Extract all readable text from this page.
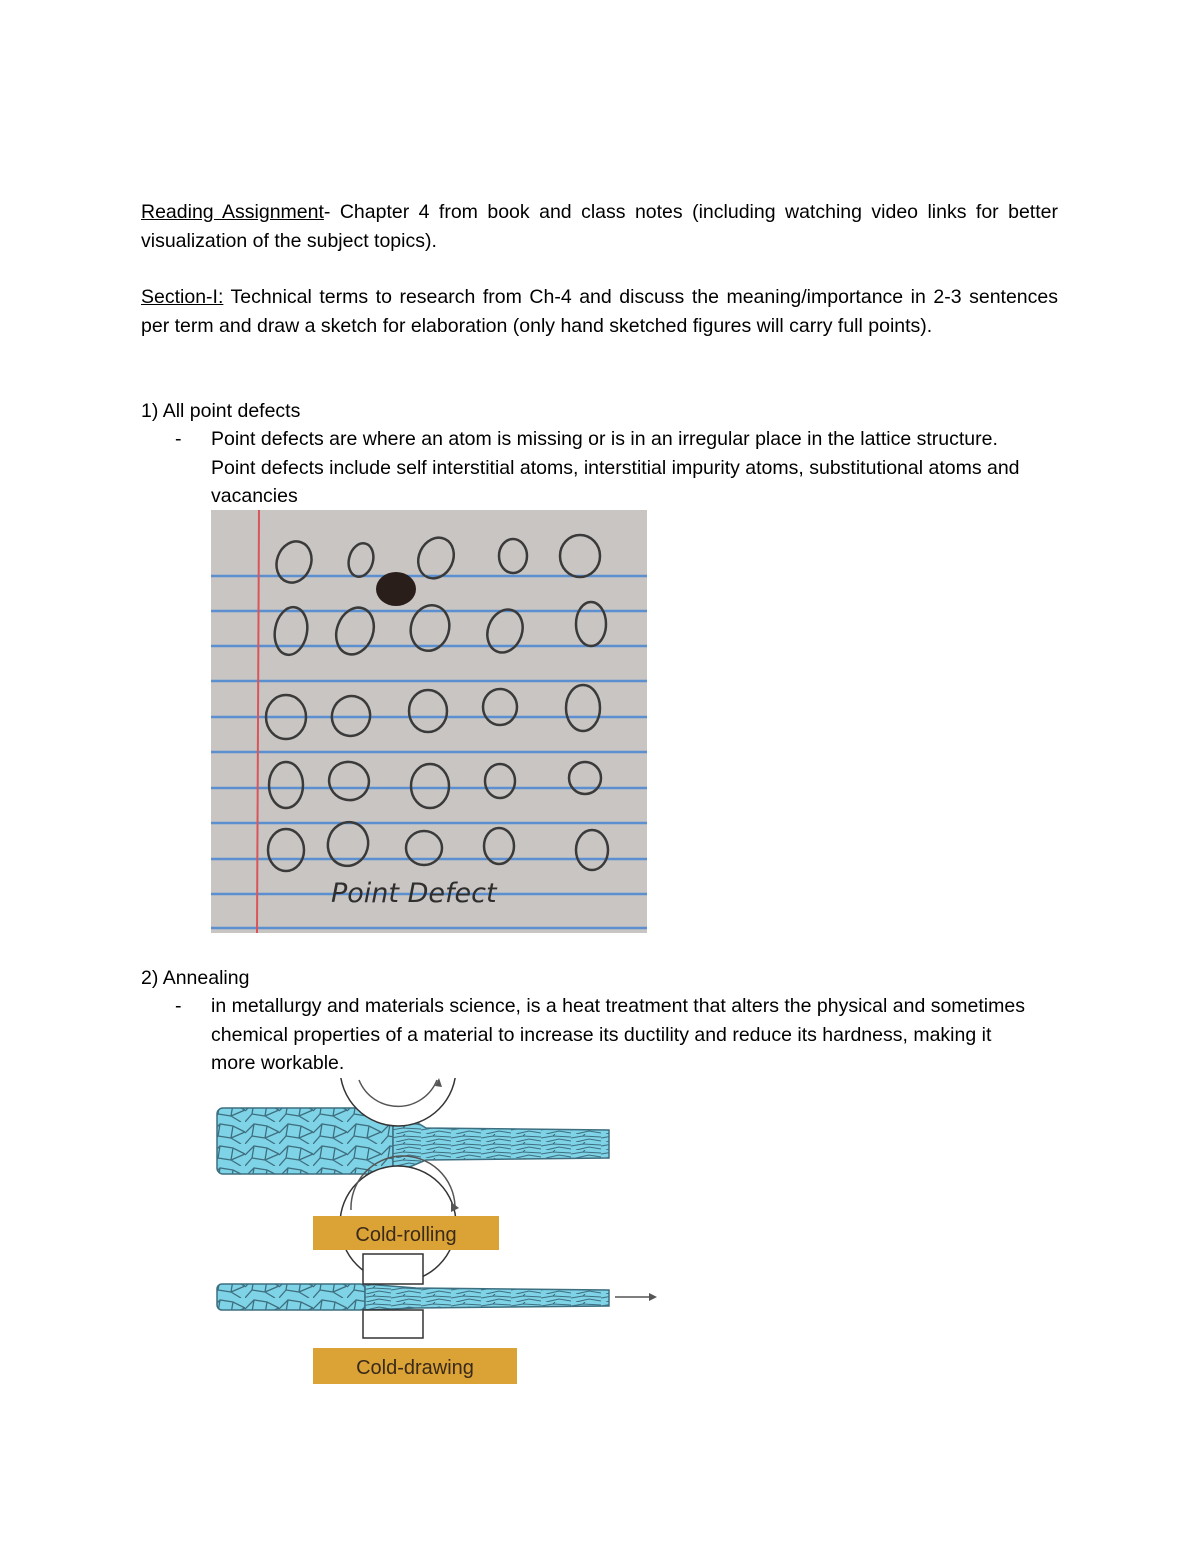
Reading Assignment- Chapter 4 from book and class notes (including watching video links for better visualization of the subject topics).
Section-I: Technical terms to research from Ch-4 and discuss the meaning/importance in 2-3 sentences per term and draw a sketch for elaboration (only hand sketched figures will carry full points).
1) All point defects
- Point defects are where an atom is missing or is in an irregular place in the lattice structure. Point defects include self interstitial atoms, interstitial impurity atoms, substitutional atoms and vacancies
Point Defect
2) Annealing
- in metallurgy and materials science, is a heat treatment that alters the physical and sometimes chemical properties of a material to increase its ductility and reduce its hardness, making it more workable.
Cold-rolling
Cold-drawing
